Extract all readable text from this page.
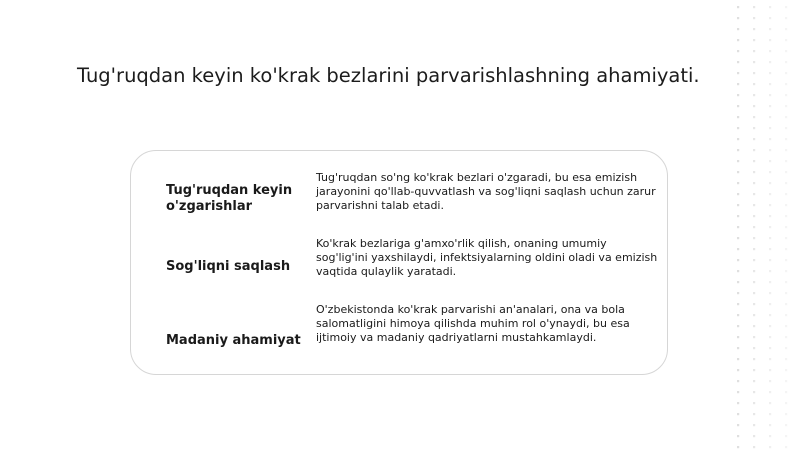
Tug'ruqdan keyin ko'krak bezlarini parvarishlashning ahamiyati.
Tug'ruqdan keyin o'zgarishlar
Tug'ruqdan so'ng ko'krak bezlari o'zgaradi, bu esa emizish jarayonini qo'llab-quvvatlash va sog'liqni saqlash uchun zarur parvarishni talab etadi.
Sog'liqni saqlash
Ko'krak bezlariga g'amxo'rlik qilish, onaning umumiy sog'lig'ini yaxshilaydi, infektsiyalarning oldini oladi va emizish vaqtida qulaylik yaratadi.
Madaniy ahamiyat
O'zbekistonda ko'krak parvarishi an'analari, ona va bola salomatligini himoya qilishda muhim rol o'ynaydi, bu esa ijtimoiy va madaniy qadriyatlarni mustahkamlaydi.
